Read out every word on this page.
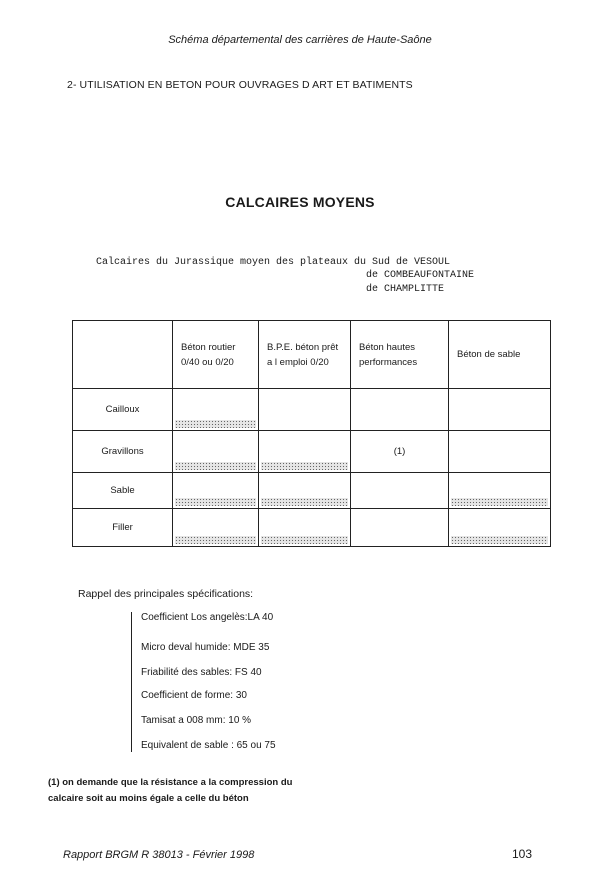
Schéma départemental des carrières de Haute-Saône
2- UTILISATION EN BETON POUR OUVRAGES D ART ET BATIMENTS
CALCAIRES MOYENS
Calcaires du Jurassique moyen des plateaux du Sud de VESOUL
de COMBEAUFONTAINE
de CHAMPLITTE
	Béton routier 0/40 ou 0/20	B.P.E. béton prêt a l emploi 0/20	Béton hautes performances	Béton de sable
Cailloux	

Gravillons			(1)	
Sable	

Filler	

Rappel des principales spécifications:
Coefficient Los angelès:LA 40
Micro deval humide: MDE 35
Friabilité des sables: FS 40
Coefficient de forme: 30
Tamisat a 008 mm: 10 %
Equivalent de sable : 65 ou 75
(1) on demande que la résistance a la compression du
calcaire soit au moins égale a celle du béton
Rapport BRGM R 38013 - Février 1998	103
